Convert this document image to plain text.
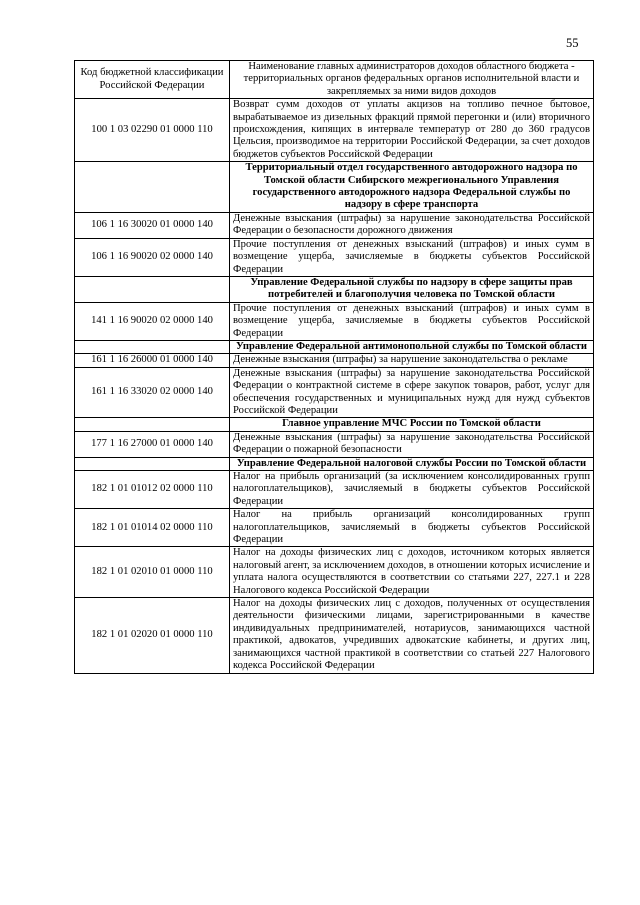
55
Код бюджетной классификации Российской Федерации	Наименование главных администраторов доходов областного бюджета - территориальных органов федеральных органов исполнительной власти и закрепляемых за ними видов доходов
100 1 03 02290 01 0000 110	Возврат сумм доходов от уплаты акцизов на топливо печное бытовое, вырабатываемое из дизельных фракций прямой перегонки и (или) вторичного происхождения, кипящих в интервале температур от 280 до 360 градусов Цельсия, производимое на территории Российской Федерации, за счет доходов бюджетов субъектов Российской Федерации
	Территориальный отдел государственного автодорожного надзора по Томской области Сибирского межрегионального Управления государственного автодорожного надзора Федеральной службы по надзору в сфере транспорта
106 1 16 30020 01 0000 140	Денежные взыскания (штрафы) за нарушение законодательства Российской Федерации о безопасности дорожного движения
106 1 16 90020 02 0000 140	Прочие поступления от денежных взысканий (штрафов) и иных сумм в возмещение ущерба, зачисляемые в бюджеты субъектов Российской Федерации
	Управление Федеральной службы по надзору в сфере защиты прав потребителей и благополучия человека по Томской области
141 1 16 90020 02 0000 140	Прочие поступления от денежных взысканий (штрафов) и иных сумм в возмещение ущерба, зачисляемые в бюджеты субъектов Российской Федерации
	Управление Федеральной антимонопольной службы по Томской области
161 1 16 26000 01 0000 140	Денежные взыскания (штрафы) за нарушение законодательства о рекламе
161 1 16 33020 02 0000 140	Денежные взыскания (штрафы) за нарушение законодательства Российской Федерации о контрактной системе в сфере закупок товаров, работ, услуг для обеспечения государственных и муниципальных нужд для нужд субъектов Российской Федерации
	Главное управление МЧС России по Томской области
177 1 16 27000 01 0000 140	Денежные взыскания (штрафы) за нарушение законодательства Российской Федерации о пожарной безопасности
	Управление Федеральной налоговой службы России по Томской области
182 1 01 01012 02 0000 110	Налог на прибыль организаций (за исключением консолидированных групп налогоплательщиков), зачисляемый в бюджеты субъектов Российской Федерации
182 1 01 01014 02 0000 110	Налог на прибыль организаций консолидированных групп налогоплательщиков, зачисляемый в бюджеты субъектов Российской Федерации
182 1 01 02010 01 0000 110	Налог на доходы физических лиц с доходов, источником которых является налоговый агент, за исключением доходов, в отношении которых исчисление и уплата налога осуществляются в соответствии со статьями 227, 227.1 и 228 Налогового кодекса Российской Федерации
182 1 01 02020 01 0000 110	Налог на доходы физических лиц с доходов, полученных от осуществления деятельности физическими лицами, зарегистрированными в качестве индивидуальных предпринимателей, нотариусов, занимающихся частной практикой, адвокатов, учредивших адвокатские кабинеты, и других лиц, занимающихся частной практикой в соответствии со статьей 227 Налогового кодекса Российской Федерации
